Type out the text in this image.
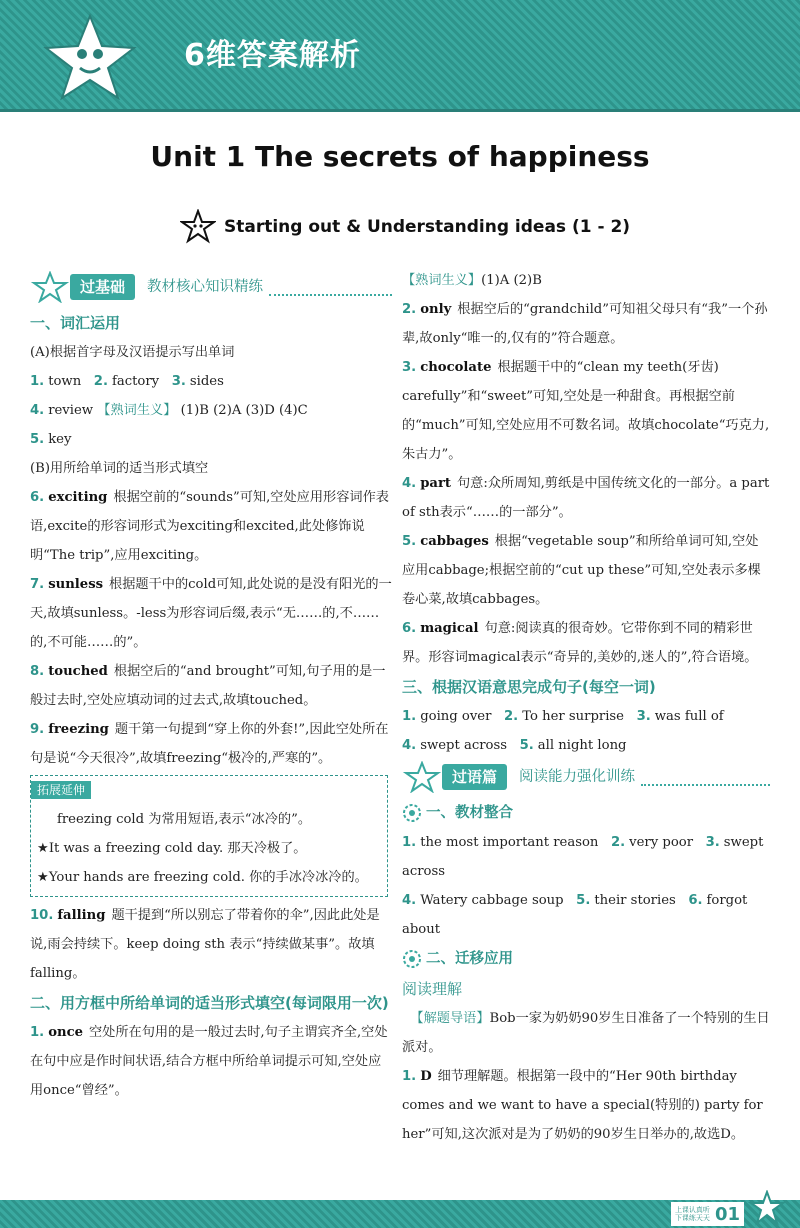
6维答案解析
Unit 1 The secrets of happiness
Starting out & Understanding ideas (1 - 2)
过基础	教材核心知识精练

一、词汇运用

(A)根据首字母及汉语提示写出单词

1. town 2. factory 3. sides

4. review 【熟词生义】 (1)B (2)A (3)D (4)C

5. key

(B)用所给单词的适当形式填空

6. exciting 根据空前的“sounds”可知,空处应用形容词作表语,excite的形容词形式为exciting和excited,此处修饰说明“The trip”,应用exciting。

7. sunless 根据题干中的cold可知,此处说的是没有阳光的一天,故填sunless。-less为形容词后缀,表示“无……的,不……的,不可能……的”。

8. touched 根据空后的“and brought”可知,句子用的是一般过去时,空处应填动词的过去式,故填touched。

9. freezing 题干第一句提到“穿上你的外套!”,因此空处所在句是说“今天很冷”,故填freezing“极冷的,严寒的”。

拓展延伸

freezing cold 为常用短语,表示“冰冷的”。

★It was a freezing cold day. 那天冷极了。

★Your hands are freezing cold. 你的手冰冷冰冷的。

10. falling 题干提到“所以别忘了带着你的伞”,因此此处是说,雨会持续下。keep doing sth 表示“持续做某事”。故填falling。

二、用方框中所给单词的适当形式填空(每词限用一次)

1. once 空处所在句用的是一般过去时,句子主谓宾齐全,空处在句中应是作时间状语,结合方框中所给单词提示可知,空处应用once“曾经”。

【熟词生义】(1)A (2)B

2. only 根据空后的“grandchild”可知祖父母只有“我”一个孙辈,故only“唯一的,仅有的”符合题意。

3. chocolate 根据题干中的“clean my teeth(牙齿) carefully”和“sweet”可知,空处是一种甜食。再根据空前的“much”可知,空处应用不可数名词。故填chocolate“巧克力,朱古力”。

4. part 句意:众所周知,剪纸是中国传统文化的一部分。a part of sth表示“……的一部分”。

5. cabbages 根据“vegetable soup”和所给单词可知,空处应用cabbage;根据空前的“cut up these”可知,空处表示多棵卷心菜,故填cabbages。

6. magical 句意:阅读真的很奇妙。它带你到不同的精彩世界。形容词magical表示“奇异的,美妙的,迷人的”,符合语境。

三、根据汉语意思完成句子(每空一词)

1. going over 2. To her surprise 3. was full of

4. swept across 5. all night long

过语篇	阅读能力强化训练
一、教材整合

1. the most important reason 2. very poor 3. swept across

4. Watery cabbage soup 5. their stories 6. forgot about

二、迁移应用

阅读理解

【解题导语】Bob一家为奶奶90岁生日准备了一个特别的生日派对。

1. D 细节理解题。根据第一段中的“Her 90th birthday comes and we want to have a special(特别的) party for her”可知,这次派对是为了奶奶的90岁生日举办的,故选D。

上课认真听
下课练天天 01
